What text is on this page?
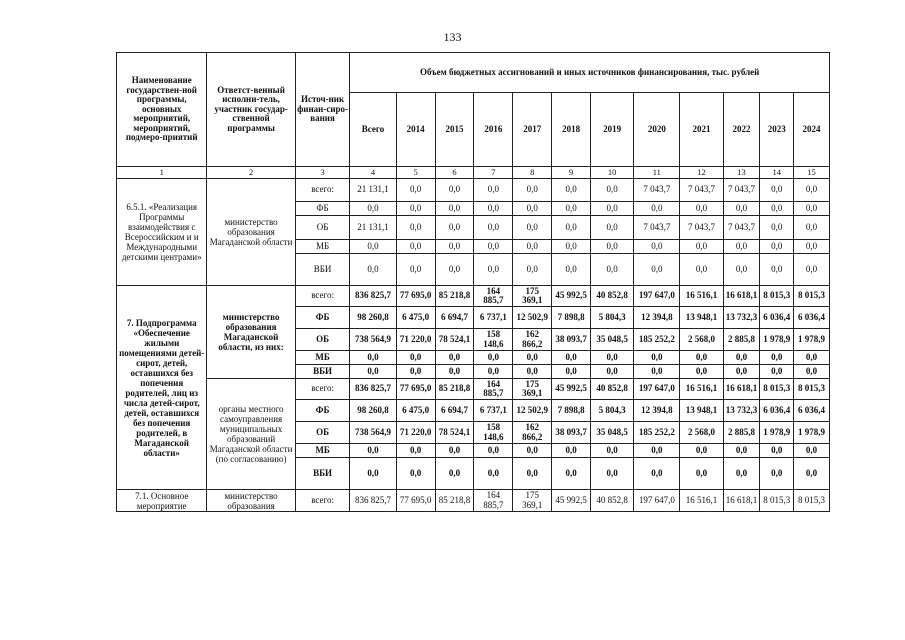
133
Наименование государствен-ной программы, основных мероприятий, мероприятий, подмеро-приятий	Ответст-венный исполни-тель, участник государ-ственной программы	Источ-ник финан-сиро-вания	Объем бюджетных ассигнований и иных источников финансирования, тыс. рублей											
			Всего	2014	2015	2016	2017	2018	2019	2020	2021	2022	2023	2024
1	2	3	4	5	6	7	8	9	10	11	12	13	14	15
6.5.1. «Реализация Программы взаимодействия с Всероссийским и и Международными детскими центрами»	министерство образования Магаданской области	всего:	21 131,1	0,0	0,0	0,0	0,0	0,0	0,0	7 043,7	7 043,7	7 043,7	0,0	0,0
		ФБ	0,0	0,0	0,0	0,0	0,0	0,0	0,0	0,0	0,0	0,0	0,0	0,0
		ОБ	21 131,1	0,0	0,0	0,0	0,0	0,0	0,0	7 043,7	7 043,7	7 043,7	0,0	0,0
		МБ	0,0	0,0	0,0	0,0	0,0	0,0	0,0	0,0	0,0	0,0	0,0	0,0
		ВБИ	0,0	0,0	0,0	0,0	0,0	0,0	0,0	0,0	0,0	0,0	0,0	0,0
7. Подпрограмма «Обеспечение жилыми помещениями детей-сирот, детей, оставшихся без попечения родителей, лиц из числа детей-сирот, детей, оставшихся без попечения родителей, в Магаданской области»	министерство образования Магаданской области, из них:	всего:	836 825,7	77 695,0	85 218,8	164 885,7	175 369,1	45 992,5	40 852,8	197 647,0	16 516,1	16 618,1	8 015,3	8 015,3
		ФБ	98 260,8	6 475,0	6 694,7	6 737,1	12 502,9	7 898,8	5 804,3	12 394,8	13 948,1	13 732,3	6 036,4	6 036,4
		ОБ	738 564,9	71 220,0	78 524,1	158 148,6	162 866,2	38 093,7	35 048,5	185 252,2	2 568,0	2 885,8	1 978,9	1 978,9
		МБ	0,0	0,0	0,0	0,0	0,0	0,0	0,0	0,0	0,0	0,0	0,0	0,0
		ВБИ	0,0	0,0	0,0	0,0	0,0	0,0	0,0	0,0	0,0	0,0	0,0	0,0
	органы местного самоуправления муниципальных образований Магаданской области (по согласованию)	всего:	836 825,7	77 695,0	85 218,8	164 885,7	175 369,1	45 992,5	40 852,8	197 647,0	16 516,1	16 618,1	8 015,3	8 015,3
		ФБ	98 260,8	6 475,0	6 694,7	6 737,1	12 502,9	7 898,8	5 804,3	12 394,8	13 948,1	13 732,3	6 036,4	6 036,4
		ОБ	738 564,9	71 220,0	78 524,1	158 148,6	162 866,2	38 093,7	35 048,5	185 252,2	2 568,0	2 885,8	1 978,9	1 978,9
		МБ	0,0	0,0	0,0	0,0	0,0	0,0	0,0	0,0	0,0	0,0	0,0	0,0
		ВБИ	0,0	0,0	0,0	0,0	0,0	0,0	0,0	0,0	0,0	0,0	0,0	0,0
7.1. Основное мероприятие	министерство образования	всего:	836 825,7	77 695,0	85 218,8	164 885,7	175 369,1	45 992,5	40 852,8	197 647,0	16 516,1	16 618,1	8 015,3	8 015,3
